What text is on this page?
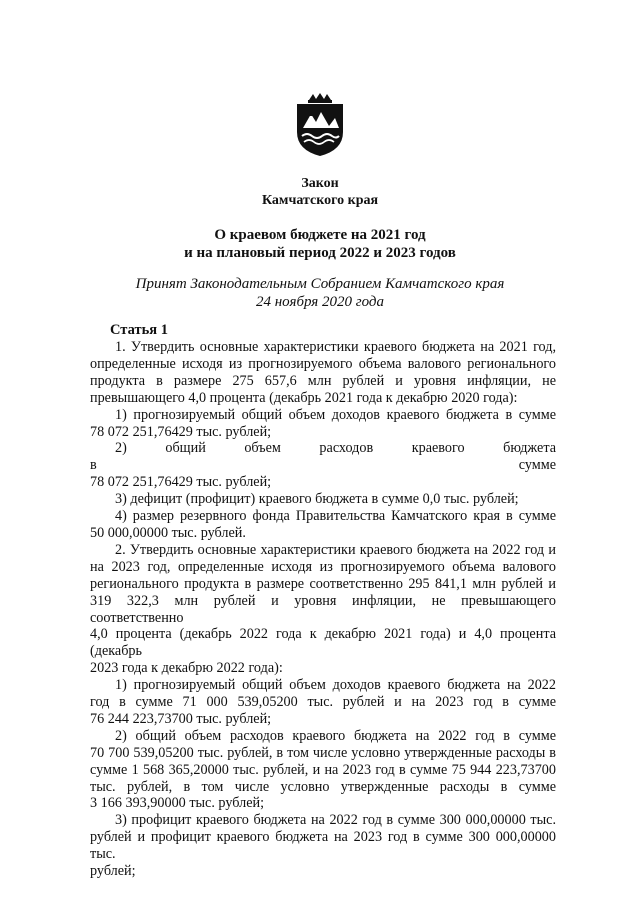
Закон
Камчатского края
О краевом бюджете на 2021 год
и на плановый период 2022 и 2023 годов
Принят Законодательным Собранием Камчатского края
24 ноября 2020 года
Статья 1

1. Утвердить основные характеристики краевого бюджета на 2021 год,

определенные исходя из прогнозируемого объема валового регионального

продукта в размере 275 657,6 млн рублей и уровня инфляции, не

превышающего 4,0 процента (декабрь 2021 года к декабрю 2020 года):

1) прогнозируемый общий объем доходов краевого бюджета в сумме

78 072 251,76429 тыс. рублей;

2) общий объем расходов краевого бюджета в сумме

78 072 251,76429 тыс. рублей;

3) дефицит (профицит) краевого бюджета в сумме 0,0 тыс. рублей;

4) размер резервного фонда Правительства Камчатского края в сумме

50 000,00000 тыс. рублей.

2. Утвердить основные характеристики краевого бюджета на 2022 год и

на 2023 год, определенные исходя из прогнозируемого объема валового

регионального продукта в размере соответственно 295 841,1 млн рублей и

319 322,3 млн рублей и уровня инфляции, не превышающего соответственно

4,0 процента (декабрь 2022 года к декабрю 2021 года) и 4,0 процента (декабрь

2023 года к декабрю 2022 года):

1) прогнозируемый общий объем доходов краевого бюджета на 2022

год в сумме 71 000 539,05200 тыс. рублей и на 2023 год в сумме

76 244 223,73700 тыс. рублей;

2) общий объем расходов краевого бюджета на 2022 год в сумме

70 700 539,05200 тыс. рублей, в том числе условно утвержденные расходы в

сумме 1 568 365,20000 тыс. рублей, и на 2023 год в сумме 75 944 223,73700

тыс. рублей, в том числе условно утвержденные расходы в сумме

3 166 393,90000 тыс. рублей;

3) профицит краевого бюджета на 2022 год в сумме 300 000,00000 тыс.

рублей и профицит краевого бюджета на 2023 год в сумме 300 000,00000 тыс.

рублей;
